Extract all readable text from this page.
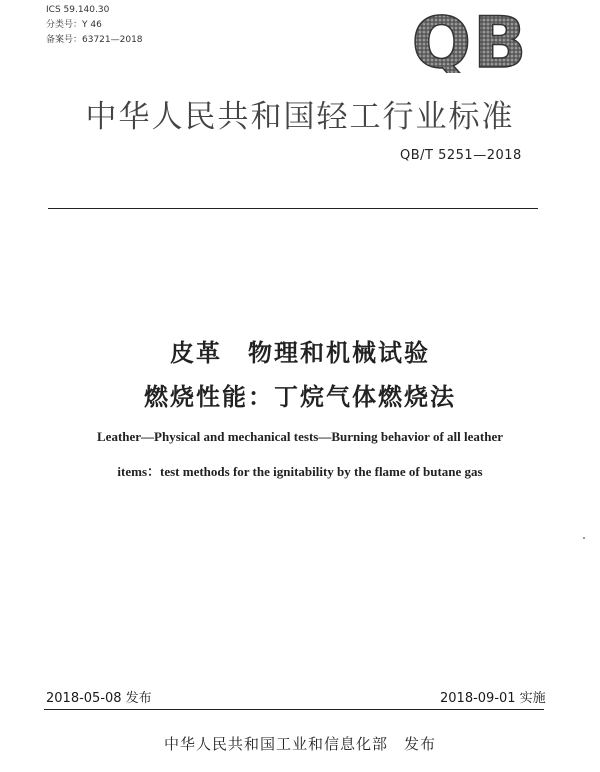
ICS 59.140.30
分类号：Y 46
备案号：63721—2018	QB
中华人民共和国轻工行业标准
QB/T 5251—2018
皮革　物理和机械试验
燃烧性能：丁烷气体燃烧法
Leather—Physical and mechanical tests—Burning behavior of all leather
items：test methods for the ignitability by the flame of butane gas
2018-05-08 发布	2018-09-01 实施
中华人民共和国工业和信息化部　发布
